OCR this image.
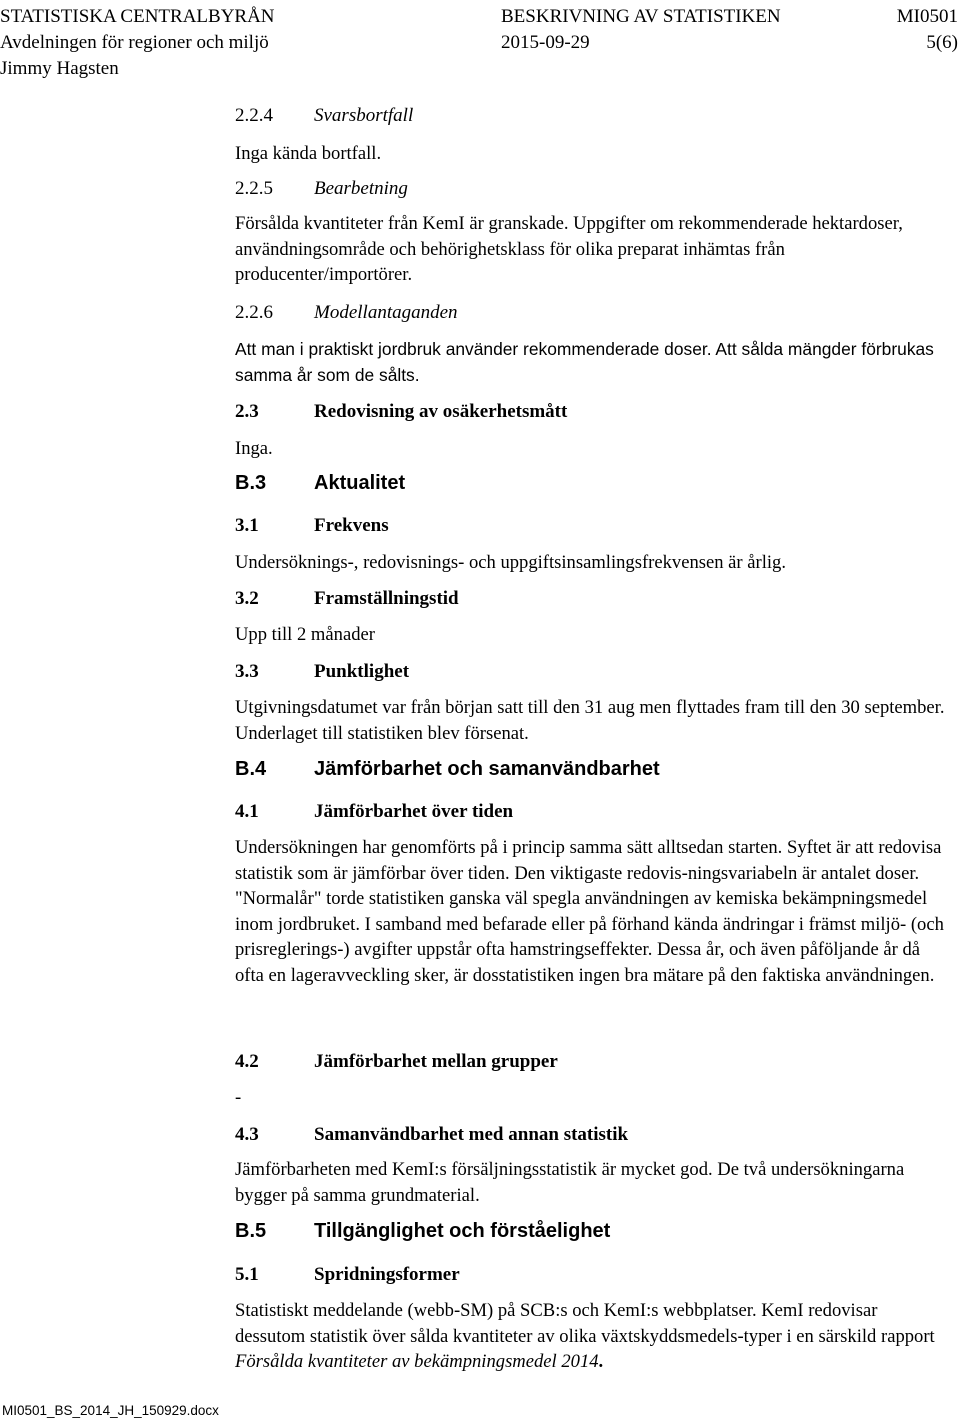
STATISTISKA CENTRALBYRÅN	BESKRIVNING AV STATISTIKEN	MI0501
Avdelningen för regioner och miljö	2015-09-29	5(6)
Jimmy Hagsten

2.2.4 Svarsbortfall

Inga kända bortfall.

2.2.5 Bearbetning

Försålda kvantiteter från KemI är granskade. Uppgifter om rekommenderade hektardoser, användningsområde och behörighetsklass för olika preparat inhämtas från producenter/importörer.

2.2.6 Modellantaganden

Att man i praktiskt jordbruk använder rekommenderade doser. Att sålda mängder förbrukas samma år som de sålts.

2.3	Redovisning av osäkerhetsmått

Inga.

B.3 Aktualitet

3.1	Frekvens

Undersöknings-, redovisnings- och uppgiftsinsamlingsfrekvensen är årlig.

3.2	Framställningstid

Upp till 2 månader

3.3	Punktlighet

Utgivningsdatumet var från början satt till den 31 aug men flyttades fram till den 30 september. Underlaget till statistiken blev försenat.

B.4 Jämförbarhet och samanvändbarhet

4.1	Jämförbarhet över tiden

Undersökningen har genomförts på i princip samma sätt alltsedan starten. Syftet är att redovisa statistik som är jämförbar över tiden. Den viktigaste redovis-ningsvariabeln är antalet doser. "Normalår" torde statistiken ganska väl spegla användningen av kemiska bekämpningsmedel inom jordbruket. I samband med befarade eller på förhand kända ändringar i främst miljö- (och prisreglerings-) avgifter uppstår ofta hamstringseffekter. Dessa år, och även påföljande år då ofta en lageravveckling sker, är dosstatistiken ingen bra mätare på den faktiska användningen.

4.2	Jämförbarhet mellan grupper

-

4.3	Samanvändbarhet med annan statistik

Jämförbarheten med KemI:s försäljningsstatistik är mycket god. De två undersökningarna bygger på samma grundmaterial.

B.5 Tillgänglighet och förståelighet

5.1	Spridningsformer

Statistiskt meddelande (webb-SM) på SCB:s och KemI:s webbplatser. KemI redovisar dessutom statistik över sålda kvantiteter av olika växtskyddsmedels-typer i en särskild rapport Försålda kvantiteter av bekämpningsmedel 2014.

MI0501_BS_2014_JH_150929.docx
